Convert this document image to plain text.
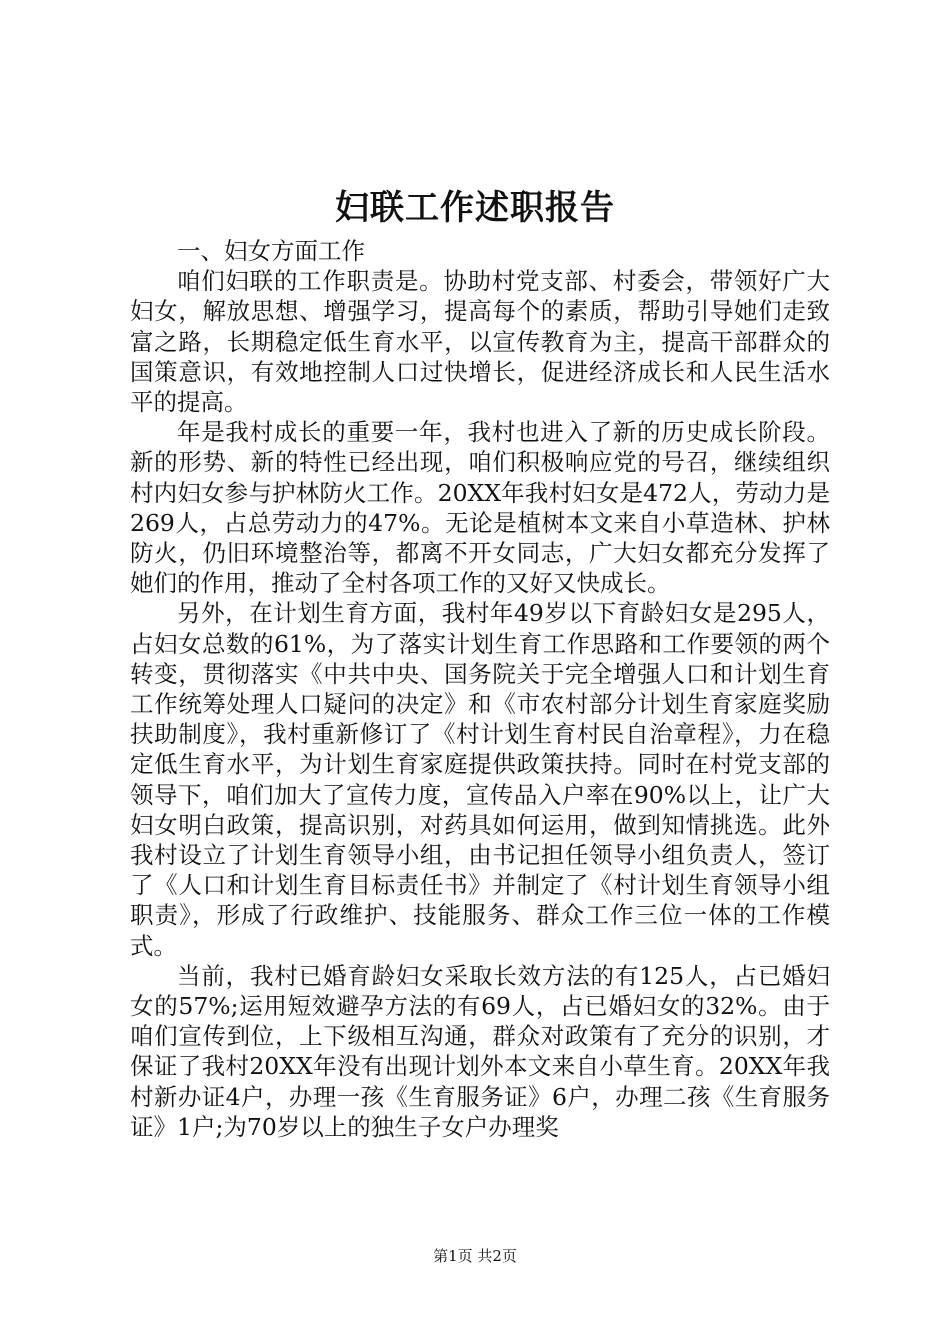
妇联工作述职报告

一、妇女方面工作

咱们妇联的工作职责是。协助村党支部、村委会，带领好广大妇女，解放思想、增强学习，提高每个的素质，帮助引导她们走致富之路，长期稳定低生育水平，以宣传教育为主，提高干部群众的国策意识，有效地控制人口过快增长，促进经济成长和人民生活水平的提高。

年是我村成长的重要一年，我村也进入了新的历史成长阶段。新的形势、新的特性已经出现，咱们积极响应党的号召，继续组织村内妇女参与护林防火工作。20XX年我村妇女是472人，劳动力是269人，占总劳动力的47%。无论是植树本文来自小草造林、护林防火，仍旧环境整治等，都离不开女同志，广大妇女都充分发挥了她们的作用，推动了全村各项工作的又好又快成长。

另外，在计划生育方面，我村年49岁以下育龄妇女是295人，占妇女总数的61%，为了落实计划生育工作思路和工作要领的两个转变，贯彻落实《中共中央、国务院关于完全增强人口和计划生育工作统筹处理人口疑问的决定》和《市农村部分计划生育家庭奖励扶助制度》，我村重新修订了《村计划生育村民自治章程》，力在稳定低生育水平，为计划生育家庭提供政策扶持。同时在村党支部的领导下，咱们加大了宣传力度，宣传品入户率在90%以上，让广大妇女明白政策，提高识别，对药具如何运用，做到知情挑选。此外我村设立了计划生育领导小组，由书记担任领导小组负责人，签订了《人口和计划生育目标责任书》并制定了《村计划生育领导小组职责》，形成了行政维护、技能服务、群众工作三位一体的工作模式。

当前，我村已婚育龄妇女采取长效方法的有125人，占已婚妇女的57%;运用短效避孕方法的有69人，占已婚妇女的32%。由于咱们宣传到位，上下级相互沟通，群众对政策有了充分的识别，才保证了我村20XX年没有出现计划外本文来自小草生育。20XX年我村新办证4户，办理一孩《生育服务证》6户，办理二孩《生育服务证》1户;为70岁以上的独生子女户办理奖

第1页 共2页
